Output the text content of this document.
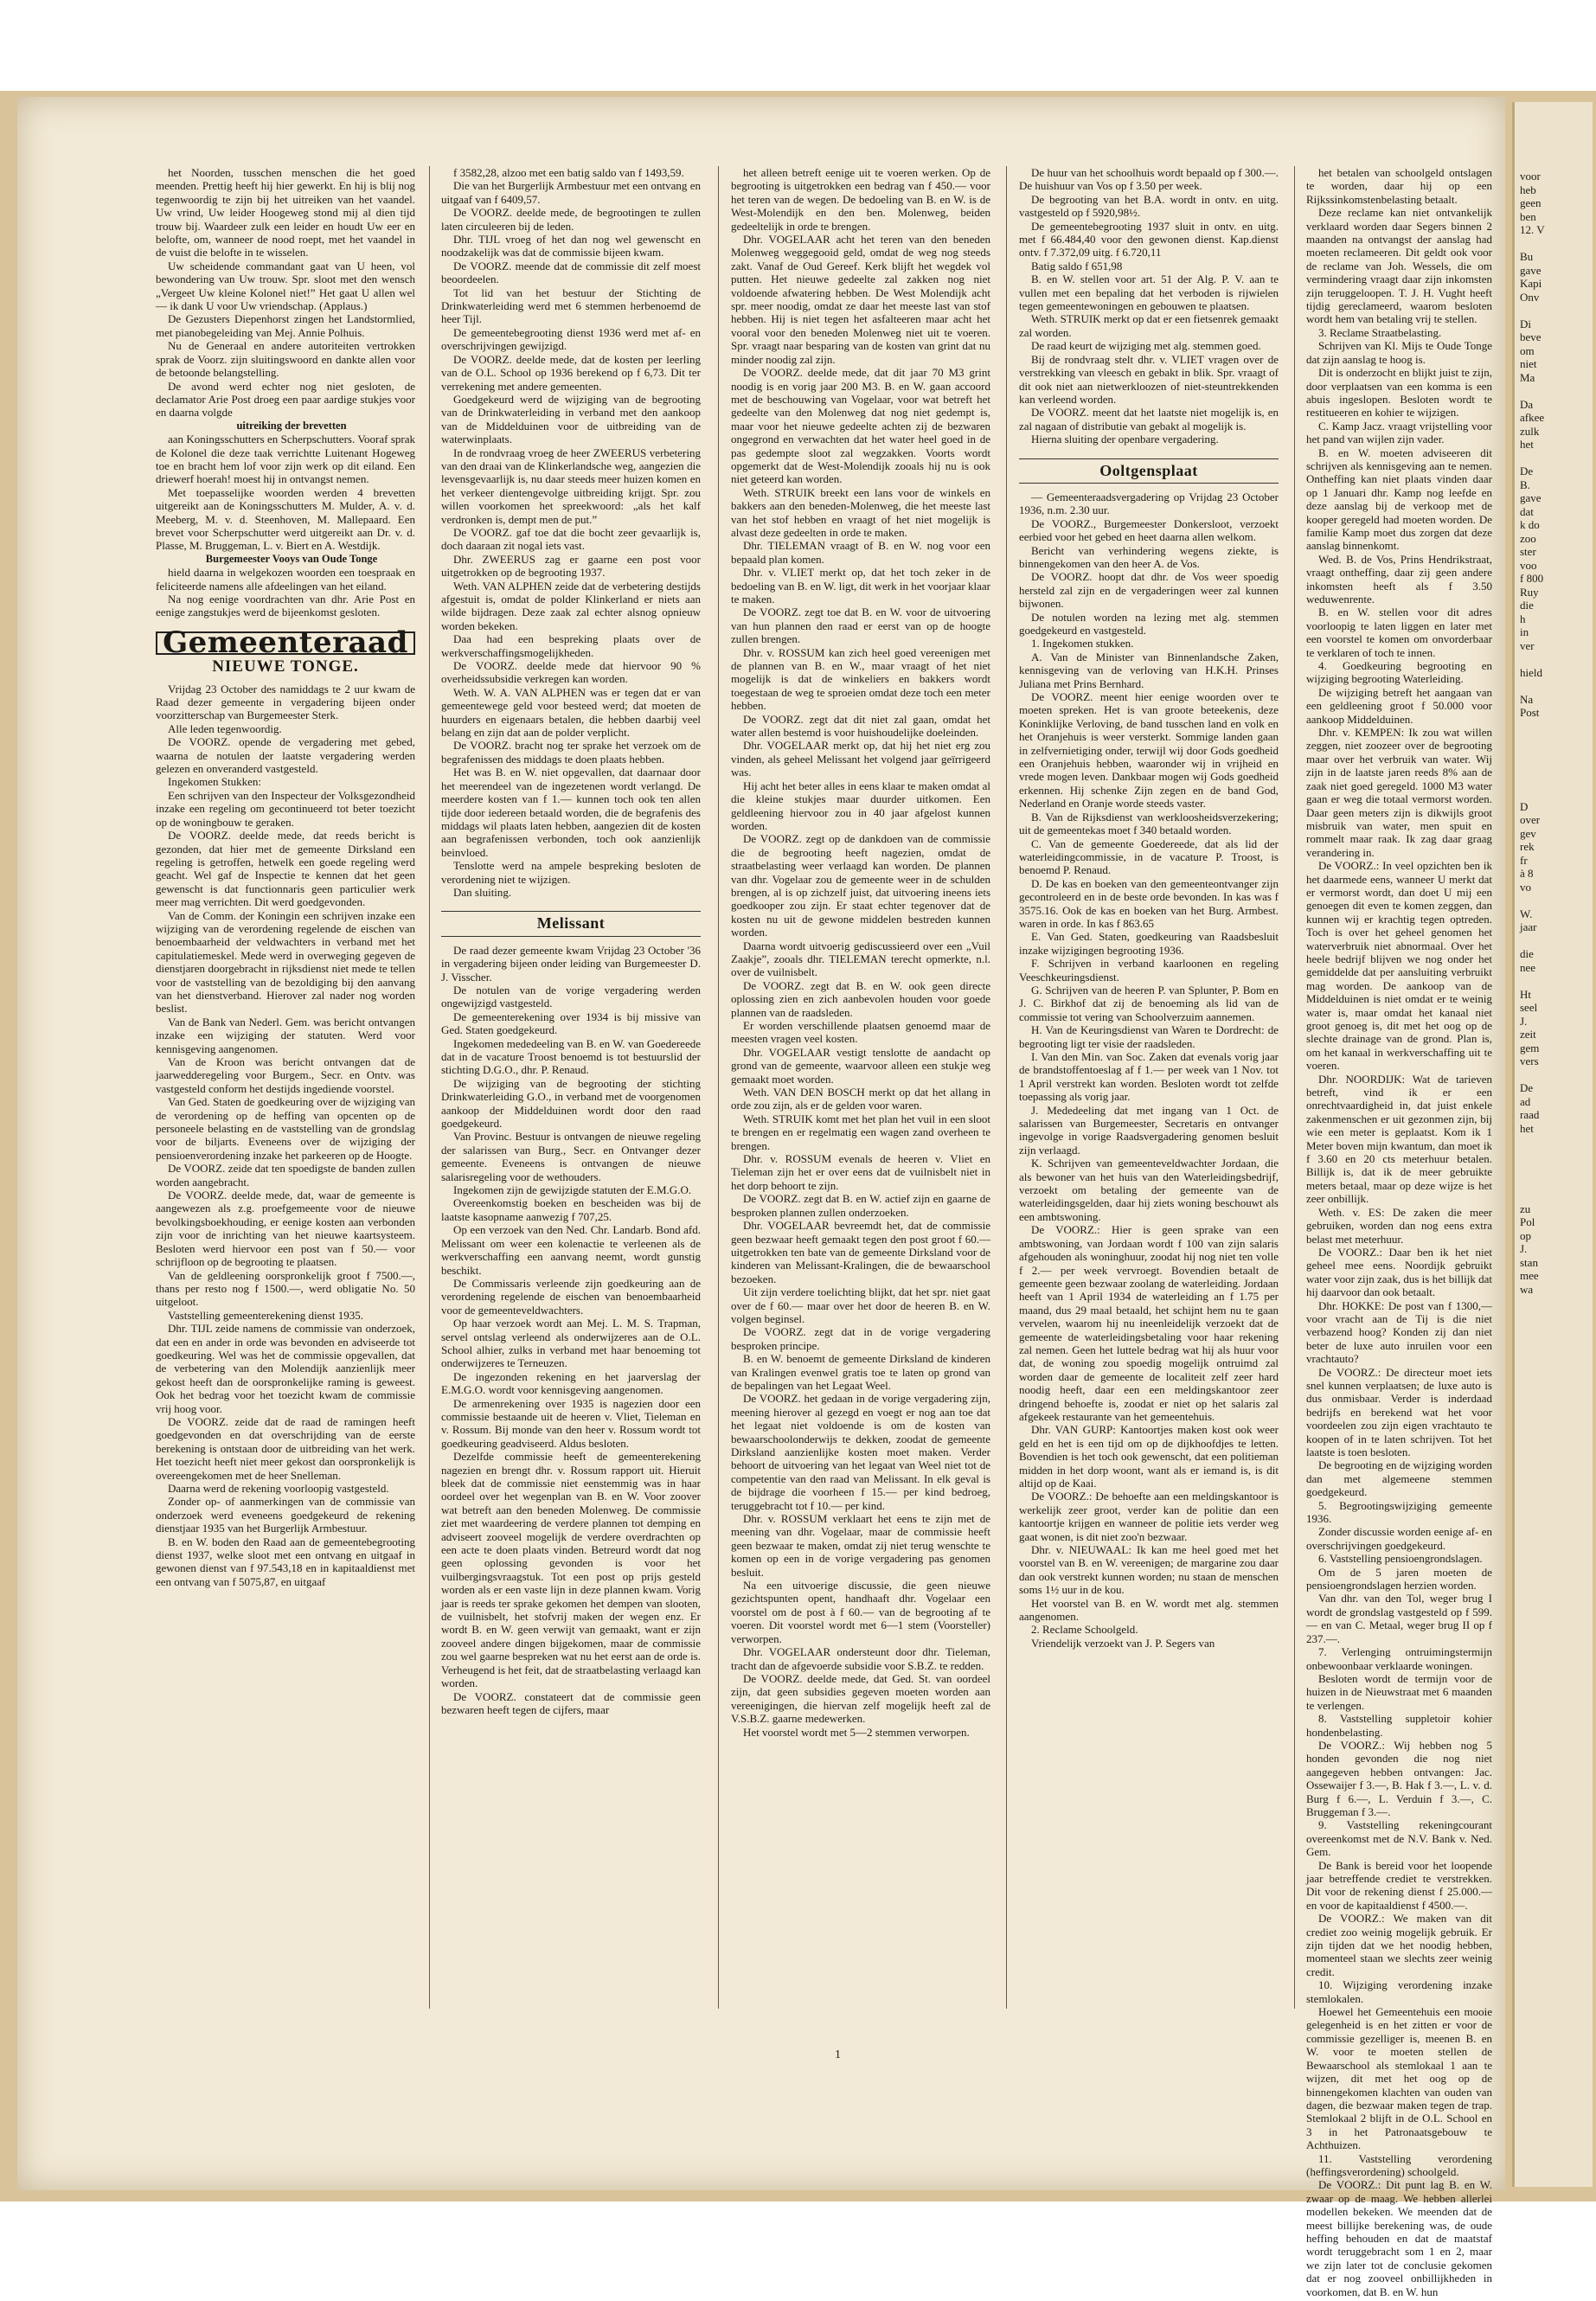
voor
heb
geen
ben
12. V

Bu
gave
Kapi
Onv

Di
beve
om
niet
Ma

Da
afkee
zulk
het

De
B.
gave
dat
k do
zoo
ster
voo
f 800
Ruy
die
h
in
ver

hield

Na
Post

D
over
gev
rek
fr
à 8
vo

W.
jaar

die
nee

Ht
seel
J.
zeit
gem
vers

De
ad
raad
het

zu
Pol
op
J.
stan
mee
wa

het Noorden, tusschen menschen die het goed meenden. Prettig heeft hij hier gewerkt. En hij is blij nog tegenwoordig te zijn bij het uitreiken van het vaandel. Uw vrind, Uw leider Hoogeweg stond mij al dien tijd trouw bij. Waardeer zulk een leider en houdt Uw eer en belofte, om, wanneer de nood roept, met het vaandel in de vuist die belofte in te wisselen.

Uw scheidende commandant gaat van U heen, vol bewondering van Uw trouw. Spr. sloot met den wensch „Vergeet Uw kleine Kolonel niet!” Het gaat U allen wel — ik dank U voor Uw vriendschap. (Applaus.)

De Gezusters Diepenhorst zingen het Landstormlied, met pianobegeleiding van Mej. Annie Polhuis.

Nu de Generaal en andere autoriteiten vertrokken sprak de Voorz. zijn sluitingswoord en dankte allen voor de betoonde belangstelling.

De avond werd echter nog niet gesloten, de declamator Arie Post droeg een paar aardige stukjes voor en daarna volgde

uitreiking der brevetten

aan Koningsschutters en Scherpschutters. Vooraf sprak de Kolonel die deze taak verrichtte Luitenant Hogeweg toe en bracht hem lof voor zijn werk op dit eiland. Een driewerf hoerah! moest hij in ontvangst nemen.

Met toepasselijke woorden werden 4 brevetten uitgereikt aan de Koningsschutters M. Mulder, A. v. d. Meeberg, M. v. d. Steenhoven, M. Mallepaard. Een brevet voor Scherpschutter werd uitgereikt aan Dr. v. d. Plasse, M. Bruggeman, L. v. Biert en A. Westdijk.

Burgemeester Vooys van Oude Tonge

hield daarna in welgekozen woorden een toespraak en feliciteerde namens alle afdeelingen van het eiland.

Na nog eenige voordrachten van dhr. Arie Post en eenige zangstukjes werd de bijeenkomst gesloten.

Gemeenteraad
NIEUWE TONGE.

Vrijdag 23 October des namiddags te 2 uur kwam de Raad dezer gemeente in vergadering bijeen onder voorzitterschap van Burgemeester Sterk.

Alle leden tegenwoordig.

De VOORZ. opende de vergadering met gebed, waarna de notulen der laatste vergadering werden gelezen en onveranderd vastgesteld.

Ingekomen Stukken:

Een schrijven van den Inspecteur der Volksgezondheid inzake een regeling om gecontinueerd tot beter toezicht op de woningbouw te geraken.

De VOORZ. deelde mede, dat reeds bericht is gezonden, dat hier met de gemeente Dirksland een regeling is getroffen, hetwelk een goede regeling werd geacht. Wel gaf de Inspectie te kennen dat het geen gewenscht is dat functionnaris geen particulier werk meer mag verrichten. Dit werd goedgevonden.

Van de Comm. der Koningin een schrijven inzake een wijziging van de verordening regelende de eischen van benoembaarheid der veldwachters in verband met het capitulatiemeskel. Mede werd in overweging gegeven de dienstjaren doorgebracht in rijksdienst niet mede te tellen voor de vaststelling van de bezoldiging bij den aanvang van het dienstverband. Hierover zal nader nog worden beslist.

Van de Bank van Nederl. Gem. was bericht ontvangen inzake een wijziging der statuten. Werd voor kennisgeving aangenomen.

Van de Kroon was bericht ontvangen dat de jaarwedderegeling voor Burgem., Secr. en Ontv. was vastgesteld conform het destijds ingediende voorstel.

Van Ged. Staten de goedkeuring over de wijziging van de verordening op de heffing van opcenten op de personeele belasting en de vaststelling van de grondslag voor de biljarts. Eveneens over de wijziging der pensioenverordening inzake het parkeeren op de Hoogte.

De VOORZ. zeide dat ten spoedigste de banden zullen worden aangebracht.

De VOORZ. deelde mede, dat, waar de gemeente is aangewezen als z.g. proefgemeente voor de nieuwe bevolkingsboekhouding, er eenige kosten aan verbonden zijn voor de inrichting van het nieuwe kaartsysteem. Besloten werd hiervoor een post van f 50.— voor schrijfloon op de begrooting te plaatsen.

Van de geldleening oorspronkelijk groot f 7500.—, thans per resto nog f 1500.—, werd obligatie No. 50 uitgeloot.

Vaststelling gemeenterekening dienst 1935.

Dhr. TIJL zeide namens de commissie van onderzoek, dat een en ander in orde was bevonden en adviseerde tot goedkeuring. Wel was het de commissie opgevallen, dat de verbetering van den Molendijk aanzienlijk meer gekost heeft dan de oorspronkelijke raming is geweest. Ook het bedrag voor het toezicht kwam de commissie vrij hoog voor.

De VOORZ. zeide dat de raad de ramingen heeft goedgevonden en dat overschrijding van de eerste berekening is ontstaan door de uitbreiding van het werk. Het toezicht heeft niet meer gekost dan oorspronkelijk is overeengekomen met de heer Snelleman.

Daarna werd de rekening voorloopig vastgesteld.

Zonder op- of aanmerkingen van de commissie van onderzoek werd eveneens goedgekeurd de rekening dienstjaar 1935 van het Burgerlijk Armbestuur.

B. en W. boden den Raad aan de gemeentebegrooting dienst 1937, welke sloot met een ontvang en uitgaaf in gewonen dienst van f 97.543,18 en in kapitaaldienst met een ontvang van f 5075,87, en uitgaaf

f 3582,28, alzoo met een batig saldo van f 1493,59.

Die van het Burgerlijk Armbestuur met een ontvang en uitgaaf van f 6409,57.

De VOORZ. deelde mede, de begrootingen te zullen laten circuleeren bij de leden.

Dhr. TIJL vroeg of het dan nog wel gewenscht en noodzakelijk was dat de commissie bijeen kwam.

De VOORZ. meende dat de commissie dit zelf moest beoordeelen.

Tot lid van het bestuur der Stichting de Drinkwaterleiding werd met 6 stemmen herbenoemd de heer Tijl.

De gemeentebegrooting dienst 1936 werd met af- en overschrijvingen gewijzigd.

De VOORZ. deelde mede, dat de kosten per leerling van de O.L. School op 1936 berekend op f 6,73. Dit ter verrekening met andere gemeenten.

Goedgekeurd werd de wijziging van de begrooting van de Drinkwaterleiding in verband met den aankoop van de Middelduinen voor de uitbreiding van de waterwinplaats.

In de rondvraag vroeg de heer ZWEERUS verbetering van den draai van de Klinkerlandsche weg, aangezien die levensgevaarlijk is, nu daar steeds meer huizen komen en het verkeer dientengevolge uitbreiding krijgt. Spr. zou willen voorkomen het spreekwoord: „als het kalf verdronken is, dempt men de put.”

De VOORZ. gaf toe dat die bocht zeer gevaarlijk is, doch daaraan zit nogal iets vast.

Dhr. ZWEERUS zag er gaarne een post voor uitgetrokken op de begrooting 1937.

Weth. VAN ALPHEN zeide dat de verbetering destijds afgestuit is, omdat de polder Klinkerland er niets aan wilde bijdragen. Deze zaak zal echter alsnog opnieuw worden bekeken.

Daa had een bespreking plaats over de werkverschaffingsmogelijkheden.

De VOORZ. deelde mede dat hiervoor 90 % overheidssubsidie verkregen kan worden.

Weth. W. A. VAN ALPHEN was er tegen dat er van gemeentewege geld voor besteed werd; dat moeten de huurders en eigenaars betalen, die hebben daarbij veel belang en zijn dat aan de polder verplicht.

De VOORZ. bracht nog ter sprake het verzoek om de begrafenissen des middags te doen plaats hebben.

Het was B. en W. niet opgevallen, dat daarnaar door het meerendeel van de ingezetenen wordt verlangd. De meerdere kosten van f 1.— kunnen toch ook ten allen tijde door iedereen betaald worden, die de begrafenis des middags wil plaats laten hebben, aangezien dit de kosten aan begrafenissen verbonden, toch ook aanzienlijk beinvloed.

Tenslotte werd na ampele bespreking besloten de verordening niet te wijzigen.

Dan sluiting.

Melissant

De raad dezer gemeente kwam Vrijdag 23 October '36 in vergadering bijeen onder leiding van Burgemeester D. J. Visscher.

De notulen van de vorige vergadering werden ongewijzigd vastgesteld.

De gemeenterekening over 1934 is bij missive van Ged. Staten goedgekeurd.

Ingekomen mededeeling van B. en W. van Goedereede dat in de vacature Troost benoemd is tot bestuurslid der stichting D.G.O., dhr. P. Renaud.

De wijziging van de begrooting der stichting Drinkwaterleiding G.O., in verband met de voorgenomen aankoop der Middelduinen wordt door den raad goedgekeurd.

Van Provinc. Bestuur is ontvangen de nieuwe regeling der salarissen van Burg., Secr. en Ontvanger dezer gemeente. Eveneens is ontvangen de nieuwe salarisregeling voor de wethouders.

Ingekomen zijn de gewijzigde statuten der E.M.G.O.

Overeenkomstig boeken en bescheiden was bij de laatste kasopname aanwezig f 707,25.

Op een verzoek van den Ned. Chr. Landarb. Bond afd. Melissant om weer een kolenactie te verleenen als de werkverschaffing een aanvang neemt, wordt gunstig beschikt.

De Commissaris verleende zijn goedkeuring aan de verordening regelende de eischen van benoembaarheid voor de gemeenteveldwachters.

Op haar verzoek wordt aan Mej. L. M. S. Trapman, servel ontslag verleend als onderwijzeres aan de O.L. School alhier, zulks in verband met haar benoeming tot onderwijzeres te Terneuzen.

De ingezonden rekening en het jaarverslag der E.M.G.O. wordt voor kennisgeving aangenomen.

De armenrekening over 1935 is nagezien door een commissie bestaande uit de heeren v. Vliet, Tieleman en v. Rossum. Bij monde van den heer v. Rossum wordt tot goedkeuring geadviseerd. Aldus besloten.

Dezelfde commissie heeft de gemeenterekening nagezien en brengt dhr. v. Rossum rapport uit. Hieruit bleek dat de commissie niet eenstemmig was in haar oordeel over het wegenplan van B. en W. Voor zoover wat betreft aan den beneden Molenweg. De commissie ziet met waardeering de verdere plannen tot demping en adviseert zooveel mogelijk de verdere overdrachten op een acte te doen plaats vinden. Betreurd wordt dat nog geen oplossing gevonden is voor het vuilbergingsvraagstuk. Tot een post op prijs gesteld worden als er een vaste lijn in deze plannen kwam. Vorig jaar is reeds ter sprake gekomen het dempen van slooten, de vuilnisbelt, het stofvrij maken der wegen enz. Er wordt B. en W. geen verwijt van gemaakt, want er zijn zooveel andere dingen bijgekomen, maar de commissie zou wel gaarne bespreken wat nu het eerst aan de orde is. Verheugend is het feit, dat de straatbelasting verlaagd kan worden.

De VOORZ. constateert dat de commissie geen bezwaren heeft tegen de cijfers, maar

het alleen betreft eenige uit te voeren werken. Op de begrooting is uitgetrokken een bedrag van f 450.— voor het teren van de wegen. De bedoeling van B. en W. is de West-Molendijk en den ben. Molenweg, beiden gedeeltelijk in orde te brengen.

Dhr. VOGELAAR acht het teren van den beneden Molenweg weggegooid geld, omdat de weg nog steeds zakt. Vanaf de Oud Gereef. Kerk blijft het wegdek vol putten. Het nieuwe gedeelte zal zakken nog niet voldoende afwatering hebben. De West Molendijk acht spr. meer noodig, omdat ze daar het meeste last van stof hebben. Hij is niet tegen het asfalteeren maar acht het vooral voor den beneden Molenweg niet uit te voeren. Spr. vraagt naar besparing van de kosten van grint dat nu minder noodig zal zijn.

De VOORZ. deelde mede, dat dit jaar 70 M3 grint noodig is en vorig jaar 200 M3. B. en W. gaan accoord met de beschouwing van Vogelaar, voor wat betreft het gedeelte van den Molenweg dat nog niet gedempt is, maar voor het nieuwe gedeelte achten zij de bezwaren ongegrond en verwachten dat het water heel goed in de pas gedempte sloot zal wegzakken. Voorts wordt opgemerkt dat de West-Molendijk zooals hij nu is ook niet geteerd kan worden.

Weth. STRUIK breekt een lans voor de winkels en bakkers aan den beneden-Molenweg, die het meeste last van het stof hebben en vraagt of het niet mogelijk is alvast deze gedeelten in orde te maken.

Dhr. TIELEMAN vraagt of B. en W. nog voor een bepaald plan komen.

Dhr. v. VLIET merkt op, dat het toch zeker in de bedoeling van B. en W. ligt, dit werk in het voorjaar klaar te maken.

De VOORZ. zegt toe dat B. en W. voor de uitvoering van hun plannen den raad er eerst van op de hoogte zullen brengen.

Dhr. v. ROSSUM kan zich heel goed vereenigen met de plannen van B. en W., maar vraagt of het niet mogelijk is dat de winkeliers en bakkers wordt toegestaan de weg te sproeien omdat deze toch een meter hebben.

De VOORZ. zegt dat dit niet zal gaan, omdat het water allen bestemd is voor huishoudelijke doeleinden.

Dhr. VOGELAAR merkt op, dat hij het niet erg zou vinden, als geheel Melissant het volgend jaar geïrrigeerd was.

Hij acht het beter alles in eens klaar te maken omdat al die kleine stukjes maar duurder uitkomen. Een geldleening hiervoor zou in 40 jaar afgelost kunnen worden.

De VOORZ. zegt op de dankdoen van de commissie die de begrooting heeft nagezien, omdat de straatbelasting weer verlaagd kan worden. De plannen van dhr. Vogelaar zou de gemeente weer in de schulden brengen, al is op zichzelf juist, dat uitvoering ineens iets goedkooper zou zijn. Er staat echter tegenover dat de kosten nu uit de gewone middelen bestreden kunnen worden.

Daarna wordt uitvoerig gediscussieerd over een „Vuil Zaakje”, zooals dhr. TIELEMAN terecht opmerkte, n.l. over de vuilnisbelt.

De VOORZ. zegt dat B. en W. ook geen directe oplossing zien en zich aanbevolen houden voor goede plannen van de raadsleden.

Er worden verschillende plaatsen genoemd maar de meesten vragen veel kosten.

Dhr. VOGELAAR vestigt tenslotte de aandacht op grond van de gemeente, waarvoor alleen een stukje weg gemaakt moet worden.

Weth. VAN DEN BOSCH merkt op dat het allang in orde zou zijn, als er de gelden voor waren.

Weth. STRUIK komt met het plan het vuil in een sloot te brengen en er regelmatig een wagen zand overheen te brengen.

Dhr. v. ROSSUM evenals de heeren v. Vliet en Tieleman zijn het er over eens dat de vuilnisbelt niet in het dorp behoort te zijn.

De VOORZ. zegt dat B. en W. actief zijn en gaarne de besproken plannen zullen onderzoeken.

Dhr. VOGELAAR bevreemdt het, dat de commissie geen bezwaar heeft gemaakt tegen den post groot f 60.— uitgetrokken ten bate van de gemeente Dirksland voor de kinderen van Melissant-Kralingen, die de bewaarschool bezoeken.

Uit zijn verdere toelichting blijkt, dat het spr. niet gaat over de f 60.— maar over het door de heeren B. en W. volgen beginsel.

De VOORZ. zegt dat in de vorige vergadering besproken principe.

B. en W. benoemt de gemeente Dirksland de kinderen van Kralingen evenwel gratis toe te laten op grond van de bepalingen van het Legaat Weel.

De VOORZ. het gedaan in de vorige vergadering zijn, meening hierover al gezegd en voegt er nog aan toe dat het legaat niet voldoende is om de kosten van bewaarschoolonderwijs te dekken, zoodat de gemeente Dirksland aanzienlijke kosten moet maken. Verder behoort de uitvoering van het legaat van Weel niet tot de competentie van den raad van Melissant. In elk geval is de bijdrage die voorheen f 15.— per kind bedroeg, teruggebracht tot f 10.— per kind.

Dhr. v. ROSSUM verklaart het eens te zijn met de meening van dhr. Vogelaar, maar de commissie heeft geen bezwaar te maken, omdat zij niet terug wenschte te komen op een in de vorige vergadering pas genomen besluit.

Na een uitvoerige discussie, die geen nieuwe gezichtspunten opent, handhaaft dhr. Vogelaar een voorstel om de post à f 60.— van de begrooting af te voeren. Dit voorstel wordt met 6—1 stem (Voorsteller) verworpen.

Dhr. VOGELAAR ondersteunt door dhr. Tieleman, tracht dan de afgevoerde subsidie voor S.B.Z. te redden.

De VOORZ. deelde mede, dat Ged. St. van oordeel zijn, dat geen subsidies gegeven moeten worden aan vereenigingen, die hiervan zelf mogelijk heeft zal de V.S.B.Z. gaarne medewerken.

Het voorstel wordt met 5—2 stemmen verworpen.

De huur van het schoolhuis wordt bepaald op f 300.—. De huishuur van Vos op f 3.50 per week.

De begrooting van het B.A. wordt in ontv. en uitg. vastgesteld op f 5920,98½.

De gemeentebegrooting 1937 sluit in ontv. en uitg. met f 66.484,40 voor den gewonen dienst. Kap.dienst ontv. f 7.372,09 uitg. f 6.720,11

Batig saldo f 651,98

B. en W. stellen voor art. 51 der Alg. P. V. aan te vullen met een bepaling dat het verboden is rijwielen tegen gemeentewoningen en gebouwen te plaatsen.

Weth. STRUIK merkt op dat er een fietsenrek gemaakt zal worden.

De raad keurt de wijziging met alg. stemmen goed.

Bij de rondvraag stelt dhr. v. VLIET vragen over de verstrekking van vleesch en gebakt in blik. Spr. vraagt of dit ook niet aan nietwerkloozen of niet-steuntrekkenden kan verleend worden.

De VOORZ. meent dat het laatste niet mogelijk is, en zal nagaan of distributie van gebakt al mogelijk is.

Hierna sluiting der openbare vergadering.

Ooltgensplaat

— Gemeenteraadsvergadering op Vrijdag 23 October 1936, n.m. 2.30 uur.

De VOORZ., Burgemeester Donkersloot, verzoekt eerbied voor het gebed en heet daarna allen welkom.

Bericht van verhindering wegens ziekte, is binnengekomen van den heer A. de Vos.

De VOORZ. hoopt dat dhr. de Vos weer spoedig hersteld zal zijn en de vergaderingen weer zal kunnen bijwonen.

De notulen worden na lezing met alg. stemmen goedgekeurd en vastgesteld.

1. Ingekomen stukken.

A. Van de Minister van Binnenlandsche Zaken, kennisgeving van de verloving van H.K.H. Prinses Juliana met Prins Bernhard.

De VOORZ. meent hier eenige woorden over te moeten spreken. Het is van groote beteekenis, deze Koninklijke Verloving, de band tusschen land en volk en het Oranjehuis is weer versterkt. Sommige landen gaan in zelfvernietiging onder, terwijl wij door Gods goedheid een Oranjehuis hebben, waaronder wij in vrijheid en vrede mogen leven. Dankbaar mogen wij Gods goedheid erkennen. Hij schenke Zijn zegen en de band God, Nederland en Oranje worde steeds vaster.

B. Van de Rijksdienst van werkloosheidsverzekering; uit de gemeentekas moet f 340 betaald worden.

C. Van de gemeente Goedereede, dat als lid der waterleidingcommissie, in de vacature P. Troost, is benoemd P. Renaud.

D. De kas en boeken van den gemeenteontvanger zijn gecontroleerd en in de beste orde bevonden. In kas was f 3575.16. Ook de kas en boeken van het Burg. Armbest. waren in orde. In kas f 863.65

E. Van Ged. Staten, goedkeuring van Raadsbesluit inzake wijzigingen begrooting 1936.

F. Schrijven in verband kaarloonen en regeling Veeschkeuringsdienst.

G. Schrijven van de heeren P. van Splunter, P. Bom en J. C. Birkhof dat zij de benoeming als lid van de commissie tot vering van Schoolverzuim aannemen.

H. Van de Keuringsdienst van Waren te Dordrecht: de begrooting ligt ter visie der raadsleden.

I. Van den Min. van Soc. Zaken dat evenals vorig jaar de brandstoffentoeslag af f 1.— per week van 1 Nov. tot 1 April verstrekt kan worden. Besloten wordt tot zelfde toepassing als vorig jaar.

J. Mededeeling dat met ingang van 1 Oct. de salarissen van Burgemeester, Secretaris en ontvanger ingevolge in vorige Raadsvergadering genomen besluit zijn verlaagd.

K. Schrijven van gemeenteveldwachter Jordaan, die als bewoner van het huis van den Waterleidingsbedrijf, verzoekt om betaling der gemeente van de waterleidingsgelden, daar hij ziets woning beschouwt als een ambtswoning.

De VOORZ.: Hier is geen sprake van een ambtswoning, van Jordaan wordt f 100 van zijn salaris afgehouden als woninghuur, zoodat hij nog niet ten volle f 2.— per week vervroegt. Bovendien betaalt de gemeente geen bezwaar zoolang de waterleiding. Jordaan heeft van 1 April 1934 de waterleiding an f 1.75 per maand, dus 29 maal betaald, het schijnt hem nu te gaan vervelen, waarom hij nu ineenleidelijk verzoekt dat de gemeente de waterleidingsbetaling voor haar rekening zal nemen. Geen het luttele bedrag wat hij als huur voor dat, de woning zou spoedig mogelijk ontruimd zal worden daar de gemeente de localiteit zelf zeer hard noodig heeft, daar een een meldingskantoor zeer dringend behoefte is, zoodat er niet op het salaris zal afgekeek restaurante van het gemeentehuis.

Dhr. VAN GURP: Kantoortjes maken kost ook weer geld en het is een tijd om op de dijkhoofdjes te letten. Bovendien is het toch ook gewenscht, dat een politieman midden in het dorp woont, want als er iemand is, is dit altijd op de Kaai.

De VOORZ.: De behoefte aan een meldingskantoor is werkelijk zeer groot, verder kan de politie dan een kantoortje krijgen en wanneer de politie iets verder weg gaat wonen, is dit niet zoo'n bezwaar.

Dhr. v. NIEUWAAL: Ik kan me heel goed met het voorstel van B. en W. vereenigen; de margarine zou daar dan ook verstrekt kunnen worden; nu staan de menschen soms 1½ uur in de kou.

Het voorstel van B. en W. wordt met alg. stemmen aangenomen.

2. Reclame Schoolgeld.

Vriendelijk verzoekt van J. P. Segers van

het betalen van schoolgeld ontslagen te worden, daar hij op een Rijkssinkomstenbelasting betaalt.

Deze reclame kan niet ontvankelijk verklaard worden daar Segers binnen 2 maanden na ontvangst der aanslag had moeten reclameeren. Dit geldt ook voor de reclame van Joh. Wessels, die om vermindering vraagt daar zijn inkomsten zijn teruggeloopen. T. J. H. Vught heeft tijdig gereclameerd, waarom besloten wordt hem van betaling vrij te stellen.

3. Reclame Straatbelasting.

Schrijven van Kl. Mijs te Oude Tonge dat zijn aanslag te hoog is.

Dit is onderzocht en blijkt juist te zijn, door verplaatsen van een komma is een abuis ingeslopen. Besloten wordt te restitueeren en kohier te wijzigen.

C. Kamp Jacz. vraagt vrijstelling voor het pand van wijlen zijn vader.

B. en W. moeten adviseeren dit schrijven als kennisgeving aan te nemen. Ontheffing kan niet plaats vinden daar op 1 Januari dhr. Kamp nog leefde en deze aanslag bij de verkoop met de kooper geregeld had moeten worden. De familie Kamp moet dus zorgen dat deze aanslag binnenkomt.

Wed. B. de Vos, Prins Hendrikstraat, vraagt ontheffing, daar zij geen andere inkomsten heeft als f 3.50 weduwenrente.

B. en W. stellen voor dit adres voorloopig te laten liggen en later met een voorstel te komen om onvorderbaar te verklaren of toch te innen.

4. Goedkeuring begrooting en wijziging begrooting Waterleiding.

De wijziging betreft het aangaan van een geldleening groot f 50.000 voor aankoop Middelduinen.

Dhr. v. KEMPEN: Ik zou wat willen zeggen, niet zoozeer over de begrooting maar over het verbruik van water. Wij zijn in de laatste jaren reeds 8% aan de zaak niet goed geregeld. 1000 M3 water gaan er weg die totaal vermorst worden. Daar geen meters zijn is dikwijls groot misbruik van water, men spuit en rommelt maar raak. Ik zag daar graag verandering in.

De VOORZ.: In veel opzichten ben ik het daarmede eens, wanneer U merkt dat er vermorst wordt, dan doet U mij een genoegen dit even te komen zeggen, dan kunnen wij er krachtig tegen optreden. Toch is over het geheel genomen het waterverbruik niet abnormaal. Over het heele bedrijf blijven we nog onder het gemiddelde dat per aansluiting verbruikt mag worden. De aankoop van de Middelduinen is niet omdat er te weinig water is, maar omdat het kanaal niet groot genoeg is, dit met het oog op de slechte drainage van de grond. Plan is, om het kanaal in werkverschaffing uit te voeren.

Dhr. NOORDIJK: Wat de tarieven betreft, vind ik er een onrechtvaardigheid in, dat juist enkele zakenmenschen er uit gezonmen zijn, bij wie een meter is geplaatst. Kom ik 1 Meter boven mijn kwantum, dan moet ik f 3.60 en 20 cts meterhuur betalen. Billijk is, dat ik de meer gebruikte meters betaal, maar op deze wijze is het zeer onbillijk.

Weth. v. ES: De zaken die meer gebruiken, worden dan nog eens extra belast met meterhuur.

De VOORZ.: Daar ben ik het niet geheel mee eens. Noordijk gebruikt water voor zijn zaak, dus is het billijk dat hij daarvoor dan ook betaalt.

Dhr. HOKKE: De post van f 1300,— voor vracht aan de Tij is die niet verbazend hoog? Konden zij dan niet beter de luxe auto inruilen voor een vrachtauto?

De VOORZ.: De directeur moet iets snel kunnen verplaatsen; de luxe auto is dus onmisbaar. Verder is inderdaad bedrijfs en berekend wat het voor voordeelen zou zijn eigen vrachtauto te koopen of in te laten schrijven. Tot het laatste is toen besloten.

De begrooting en de wijziging worden dan met algemeene stemmen goedgekeurd.

5. Begrootingswijziging gemeente 1936.

Zonder discussie worden eenige af- en overschrijvingen goedgekeurd.

6. Vaststelling pensioengrondslagen.

Om de 5 jaren moeten de pensioengrondslagen herzien worden.

Van dhr. van den Tol, weger brug I wordt de grondslag vastgesteld op f 599.— en van C. Metaal, weger brug II op f 237.—.

7. Verlenging ontruimingstermijn onbewoonbaar verklaarde woningen.

Besloten wordt de termijn voor de huizen in de Nieuwstraat met 6 maanden te verlengen.

8. Vaststelling suppletoir kohier hondenbelasting.

De VOORZ.: Wij hebben nog 5 honden gevonden die nog niet aangegeven hebben ontvangen: Jac. Ossewaijer f 3.—, B. Hak f 3.—, L. v. d. Burg f 6.—, L. Verduin f 3.—, C. Bruggeman f 3.—.

9. Vaststelling rekeningcourant overeenkomst met de N.V. Bank v. Ned. Gem.

De Bank is bereid voor het loopende jaar betreffende crediet te verstrekken. Dit voor de rekening dienst f 25.000.— en voor de kapitaaldienst f 4500.—.

De VOORZ.: We maken van dit crediet zoo weinig mogelijk gebruik. Er zijn tijden dat we het noodig hebben, momenteel staan we slechts zeer weinig credit.

10. Wijziging verordening inzake stemlokalen.

Hoewel het Gemeentehuis een mooie gelegenheid is en het zitten er voor de commissie gezelliger is, meenen B. en W. voor te moeten stellen de Bewaarschool als stemlokaal 1 aan te wijzen, dit met het oog op de binnengekomen klachten van ouden van dagen, die bezwaar maken tegen de trap. Stemlokaal 2 blijft in de O.L. School en 3 in het Patronaatsgebouw te Achthuizen.

11. Vaststelling verordening (heffingsverordening) schoolgeld.

De VOORZ.: Dit punt lag B. en W. zwaar op de maag. We hebben allerlei modellen bekeken. We meenden dat de meest billijke berekening was, de oude heffing behouden en dat de maatstaf wordt teruggebracht som 1 en 2, maar we zijn later tot de conclusie gekomen dat er nog zooveel onbillijkheden in voorkomen, dat B. en W. hun

1
